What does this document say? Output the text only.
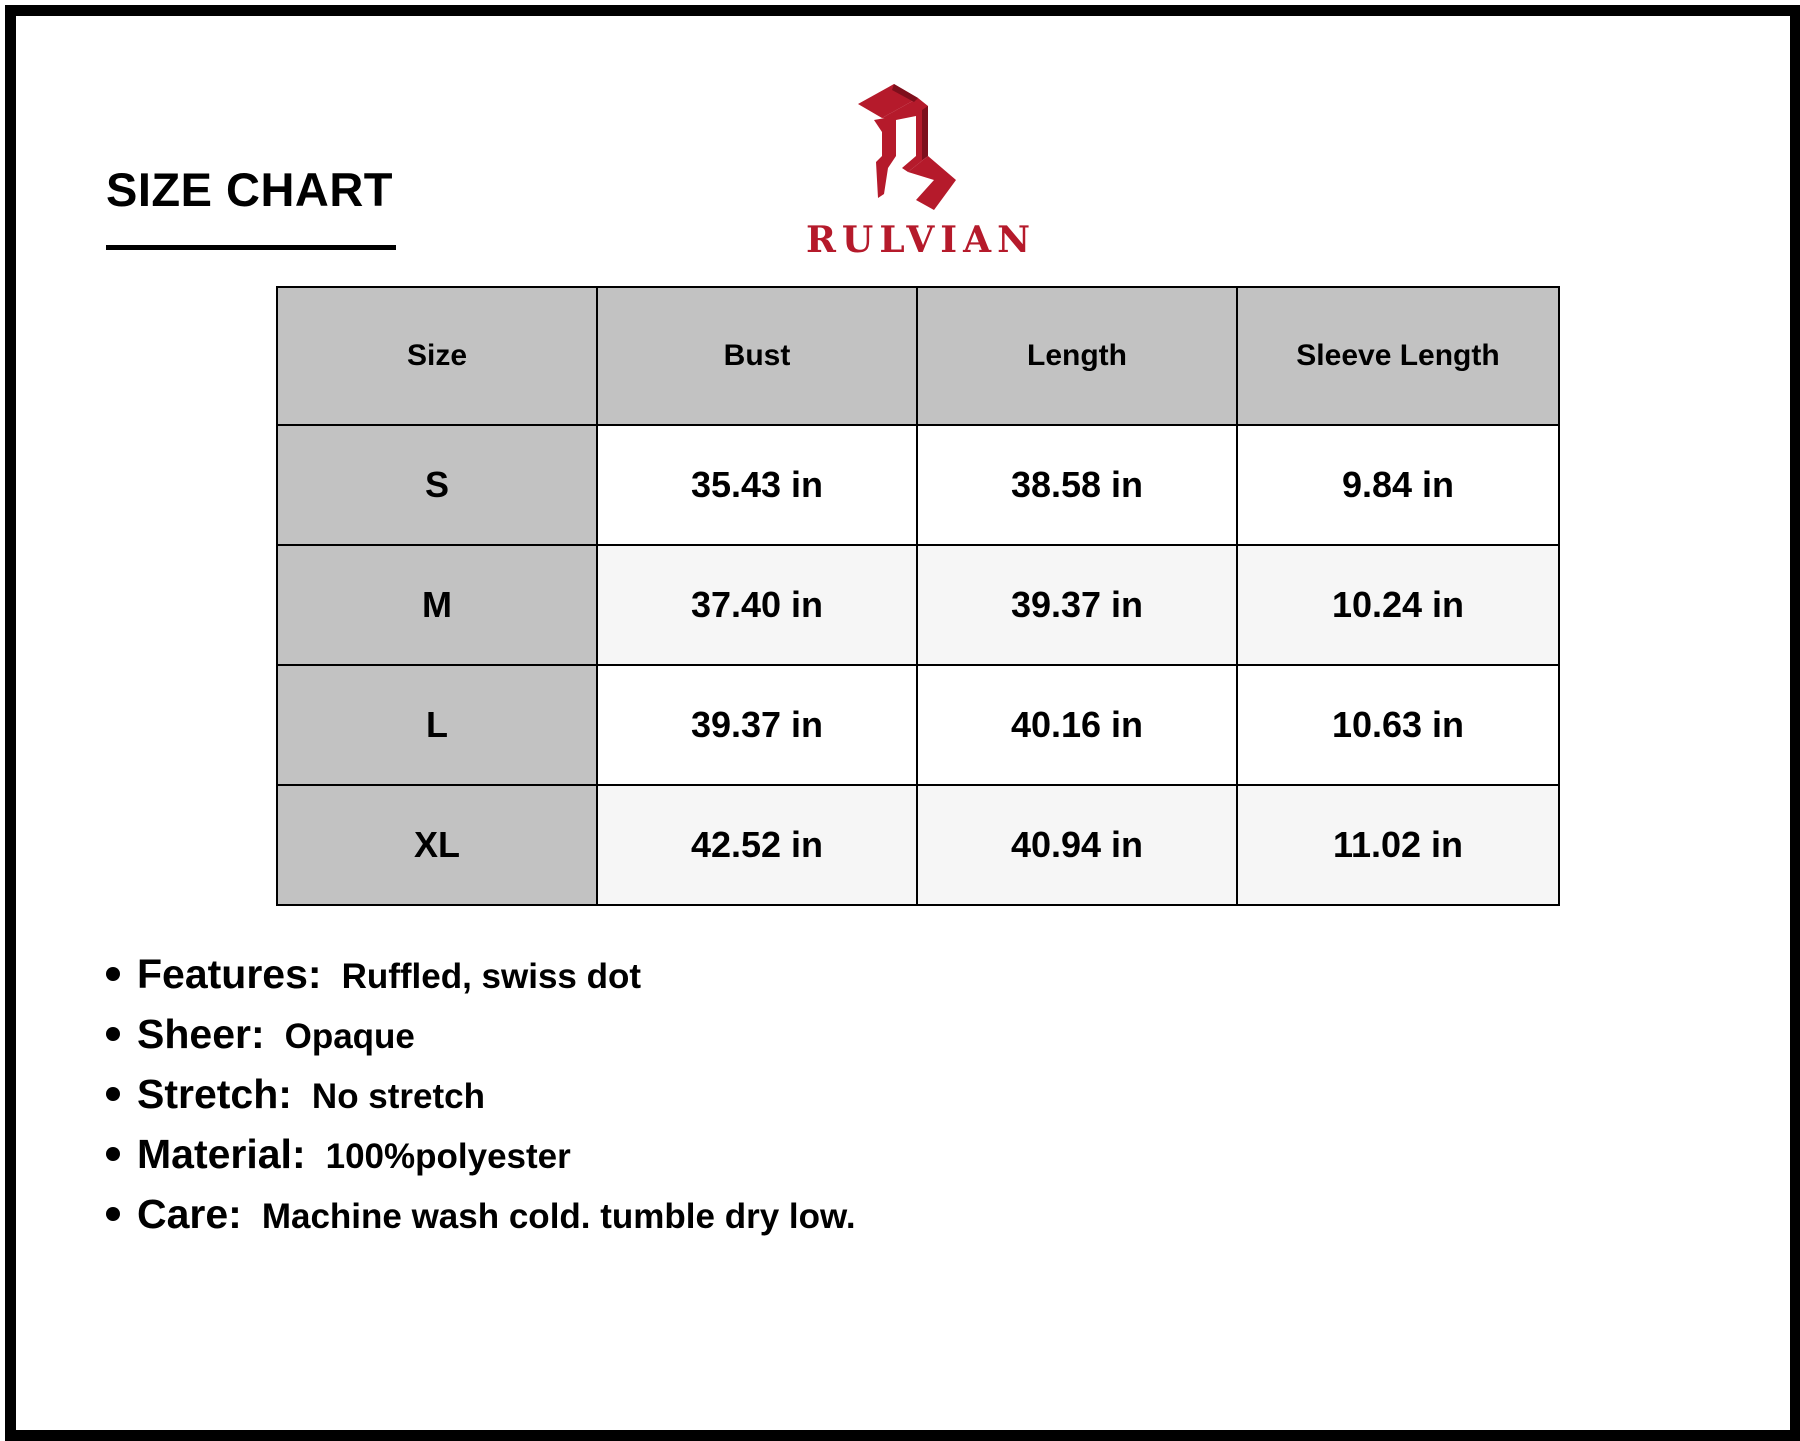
SIZE CHART
RULVIAN
Size	Bust	Length	Sleeve Length
S	35.43 in	38.58 in	9.84 in
M	37.40 in	39.37 in	10.24 in
L	39.37 in	40.16 in	10.63 in
XL	42.52 in	40.94 in	11.02 in
Features: Ruffled, swiss dot
Sheer: Opaque
Stretch: No stretch
Material: 100%polyester
Care: Machine wash cold. tumble dry low.
